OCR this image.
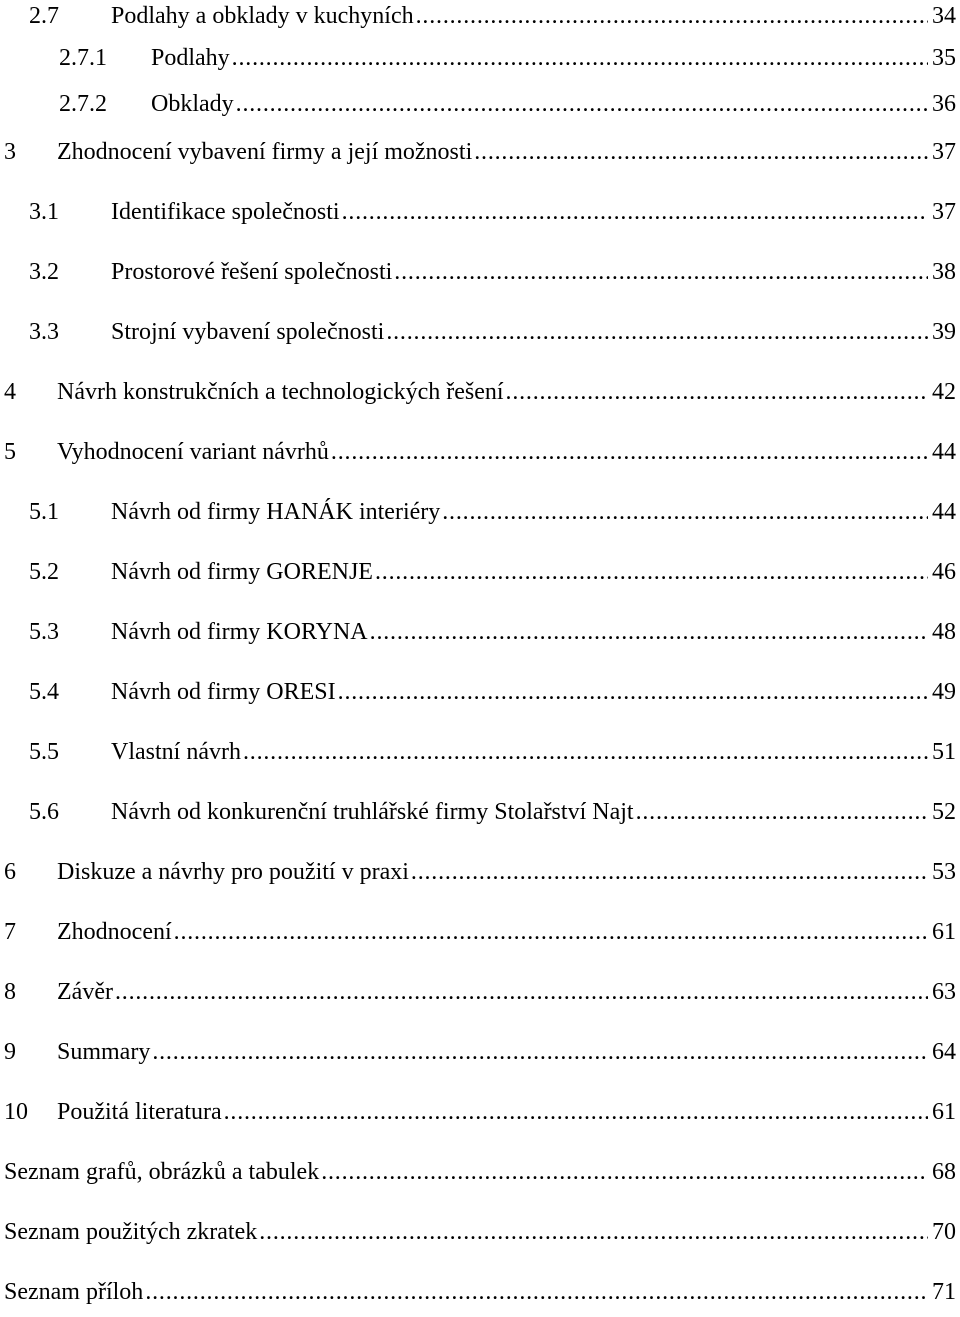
2.7	Podlahy a obklady v kuchyních . . .	34
2.7.1	Podlahy . . .	35
2.7.2	Obklady . . .	36
3	Zhodnocení vybavení firmy a její možnosti . . .	37
3.1	Identifikace společnosti . . .	37
3.2	Prostorové řešení společnosti . . .	38
3.3	Strojní vybavení společnosti . . .	39
4	Návrh konstrukčních a technologických řešení . . .	42
5	Vyhodnocení variant návrhů . . .	44
5.1	Návrh od firmy HANÁK interiéry . . .	44
5.2	Návrh od firmy GORENJE . . .	46
5.3	Návrh od firmy KORYNA . . .	48
5.4	Návrh od firmy ORESI . . .	49
5.5	Vlastní návrh . . .	51
5.6	Návrh od konkurenční truhlářské firmy Stolařství Najt . . .	52
6	Diskuze a návrhy pro použití v praxi . . .	53
7	Zhodnocení . . .	61
8	Závěr . . .	63
9	Summary . . .	64
10	Použitá literatura . . .	61
Seznam grafů, obrázků a tabulek . . .	68
Seznam použitých zkratek . . .	70
Seznam příloh . . .	71
